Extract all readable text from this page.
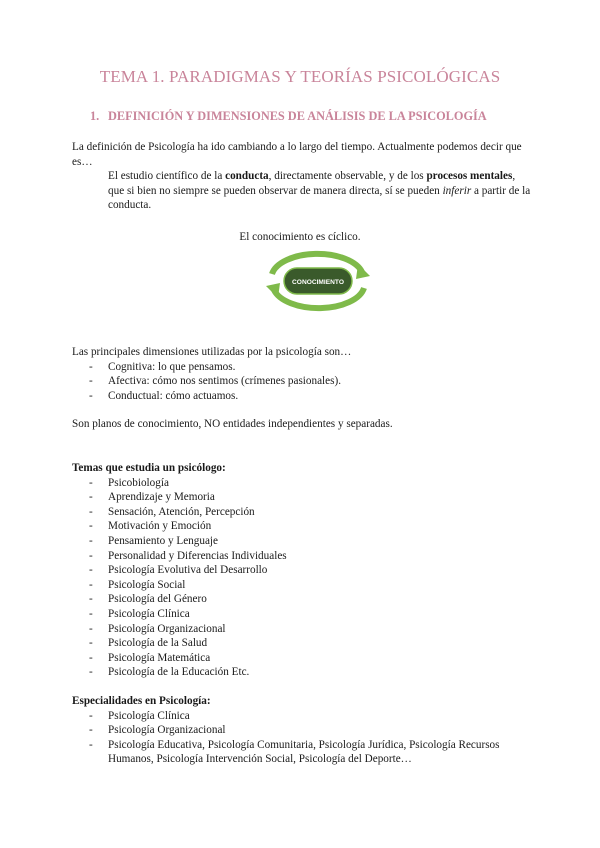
TEMA 1. PARADIGMAS Y TEORÍAS PSICOLÓGICAS
1. DEFINICIÓN Y DIMENSIONES DE ANÁLISIS DE LA PSICOLOGÍA
La definición de Psicología ha ido cambiando a lo largo del tiempo. Actualmente podemos decir que es…
El estudio científico de la conducta, directamente observable, y de los procesos mentales, que si bien no siempre se pueden observar de manera directa, sí se pueden inferir a partir de la conducta.
El conocimiento es cíclico.
CONOCIMIENTO
Las principales dimensiones utilizadas por la psicología son…
- Cognitiva: lo que pensamos.
- Afectiva: cómo nos sentimos (crímenes pasionales).
- Conductual: cómo actuamos.
Son planos de conocimiento, NO entidades independientes y separadas.
Temas que estudia un psicólogo:
- Psicobiología
- Aprendizaje y Memoria
- Sensación, Atención, Percepción
- Motivación y Emoción
- Pensamiento y Lenguaje
- Personalidad y Diferencias Individuales
- Psicología Evolutiva del Desarrollo
- Psicología Social
- Psicología del Género
- Psicología Clínica
- Psicología Organizacional
- Psicología de la Salud
- Psicología Matemática
- Psicología de la Educación Etc.
Especialidades en Psicología:
- Psicología Clínica
- Psicología Organizacional
- Psicología Educativa, Psicología Comunitaria, Psicología Jurídica, Psicología Recursos Humanos, Psicología Intervención Social, Psicología del Deporte…
